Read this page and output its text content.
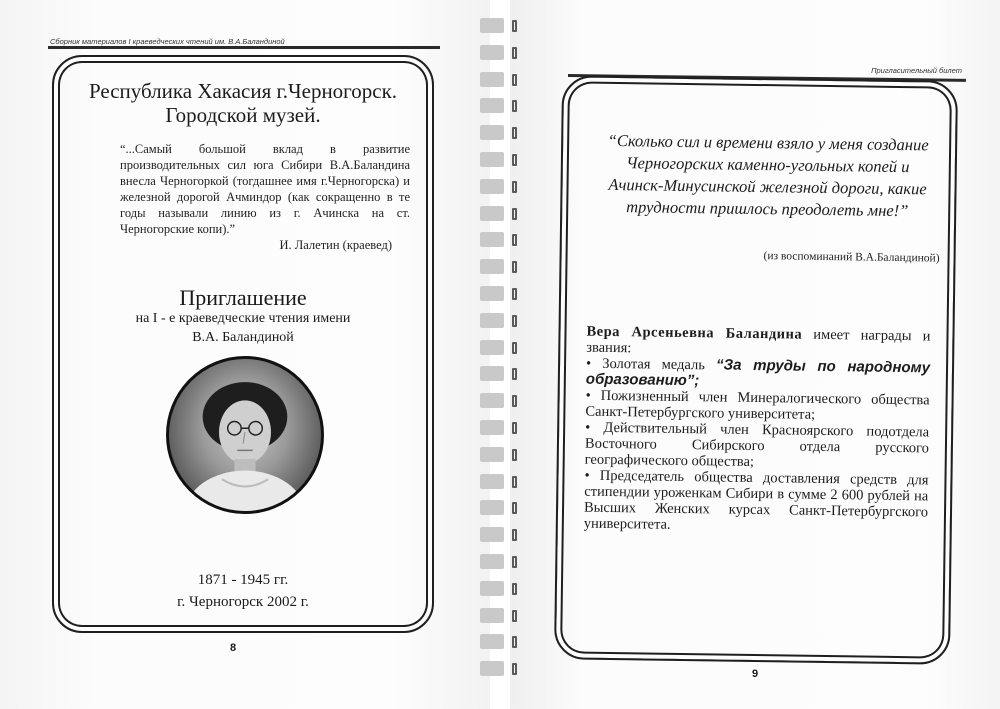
Сборник материалов I краеведческих чтений им. В.А.Баландиной
Республика Хакасия г.Черногорск.
Городской музей.
“...Самый большой вклад в развитие производительных сил юга Сибири В.А.Баландина внесла Черногоркой (тогдашнее имя г.Черногорска) и железной дорогой Ачминдор (как сокращенно в те годы называли линию из г. Ачинска на ст. Черногорские копи).”
И. Лалетин (краевед)
Приглашение
на I - е краеведческие чтения имени
В.А. Баландиной
1871 - 1945 гг.
г. Черногорск 2002 г.
8
Пригласительный билет
“Сколько сил и времени взяло у меня создание Черногорских каменно-угольных копей и Ачинск-Минусинской железной дороги, какие трудности пришлось преодолеть мне!”
(из воспоминаний В.А.Баландиной)

Вера Арсеньевна Баландина имеет награды и звания:

• Золотая медаль “За труды по народному образованию”;

• Пожизненный член Минералогического общества Санкт-Петербургского университета;

• Действительный член Красноярского подотдела Восточного Сибирского отдела русского географического общества;

• Председатель общества доставления средств для стипендии уроженкам Сибири в сумме 2 600 рублей на Высших Женских курсах Санкт-Петербургского университета.

9
